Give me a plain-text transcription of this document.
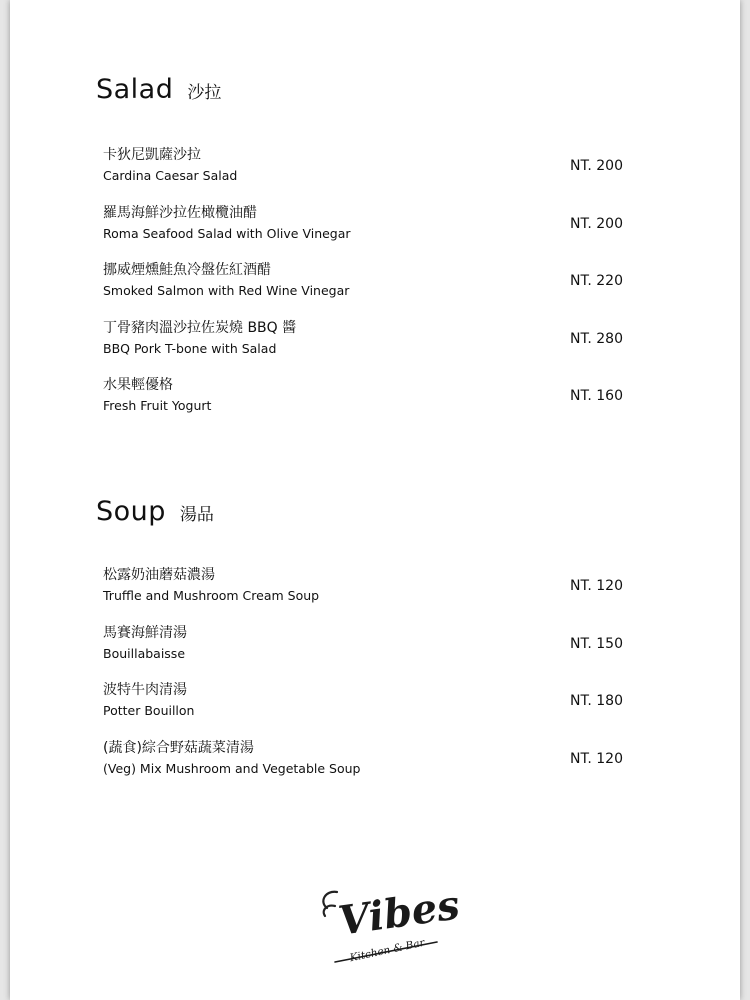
Salad 沙拉
卡狄尼凱薩沙拉
Cardina Caesar Salad
NT. 200
羅馬海鮮沙拉佐橄欖油醋
Roma Seafood Salad with Olive Vinegar
NT. 200
挪威煙燻鮭魚冷盤佐紅酒醋
Smoked Salmon with Red Wine Vinegar
NT. 220
丁骨豬肉溫沙拉佐炭燒 BBQ 醬
BBQ Pork T-bone with Salad
NT. 280
水果輕優格
Fresh Fruit Yogurt
NT. 160
Soup 湯品
松露奶油蘑菇濃湯
Truffle and Mushroom Cream Soup
NT. 120
馬賽海鮮清湯
Bouillabaisse
NT. 150
波特牛肉清湯
Potter Bouillon
NT. 180
(蔬食)綜合野菇蔬菜清湯
(Veg) Mix Mushroom and Vegetable Soup
NT. 120
Vibes
Kitchen & Bar
